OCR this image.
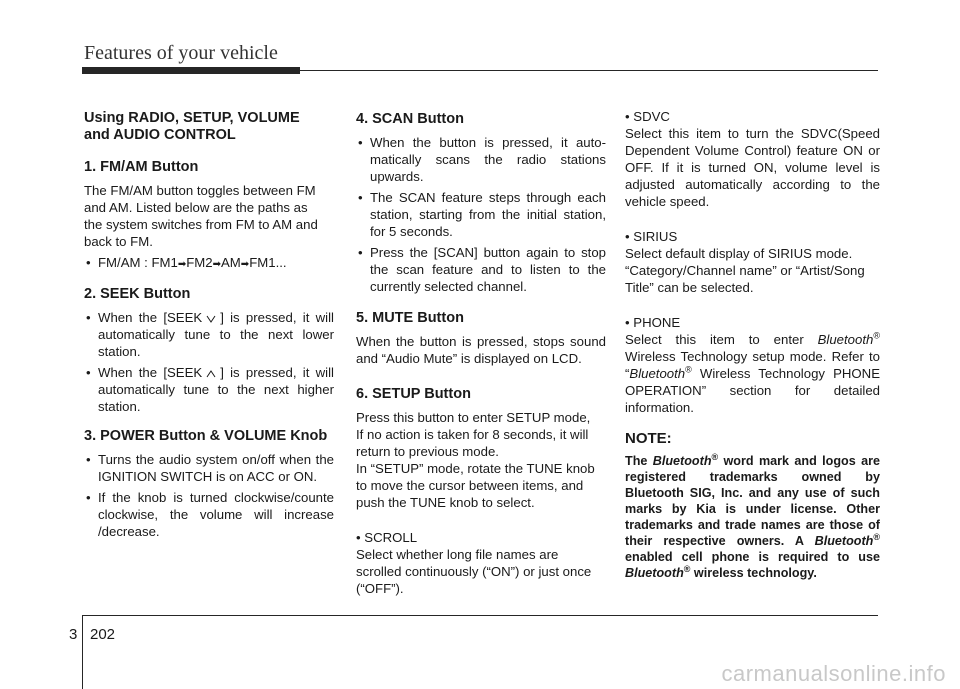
Features of your vehicle
Using RADIO, SETUP, VOLUME
and AUDIO CONTROL
1. FM/AM Button

The FM/AM button toggles between FM
and AM. Listed below are the paths as
the system switches from FM to AM and
back to FM.

• FM/AM : FM1➡FM2➡AM➡FM1...
2. SEEK Button
• When the [SEEK ] is pressed, it will automatically tune to the next lower station.
• When the [SEEK ] is pressed, it will automatically tune to the next higher station.
3. POWER Button & VOLUME Knob
• Turns the audio system on/off when the IGNITION SWITCH is on ACC or ON.
• If the knob is turned clockwise/counte clockwise, the volume will increase /decrease.
4. SCAN Button
• When the button is pressed, it auto-matically scans the radio stations upwards.
• The SCAN feature steps through each station, starting from the initial station, for 5 seconds.
• Press the [SCAN] button again to stop the scan feature and to listen to the currently selected channel.
5. MUTE Button

When the button is pressed, stops sound and “Audio Mute” is displayed on LCD.

6. SETUP Button

Press this button to enter SETUP mode,
If no action is taken for 8 seconds, it will
return to previous mode.
In “SETUP” mode, rotate the TUNE knob
to move the cursor between items, and
push the TUNE knob to select.

• SCROLL

Select whether long file names are
scrolled continuously (“ON”) or just once
(“OFF”).

• SDVC

Select this item to turn the SDVC(Speed Dependent Volume Control) feature ON or OFF. If it is turned ON, volume level is adjusted automatically according to the vehicle speed.

• SIRIUS

Select default display of SIRIUS mode.

“Category/Channel name” or “Artist/Song Title” can be selected.

• PHONE

Select this item to enter Bluetooth® Wireless Technology setup mode. Refer to “Bluetooth® Wireless Technology PHONE OPERATION” section for detailed information.

NOTE:

The Bluetooth® word mark and logos are registered trademarks owned by Bluetooth SIG, Inc. and any use of such marks by Kia is under license. Other trademarks and trade names are those of their respective owners. A Bluetooth® enabled cell phone is required to use Bluetooth® wireless technology.

3 202
carmanualsonline.info
